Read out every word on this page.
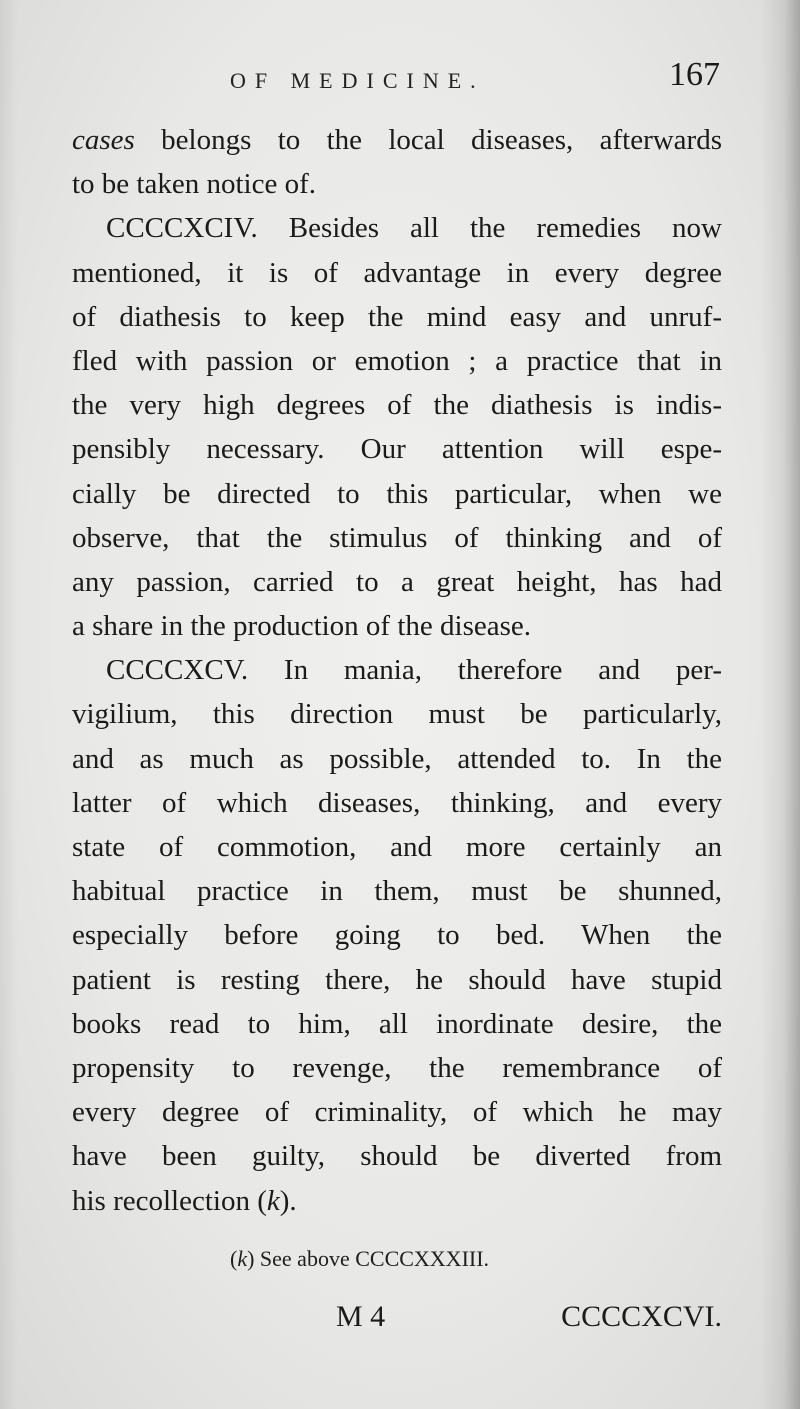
OF MEDICINE.	167
cases belongs to the local diseases, afterwards
to be taken notice of.
CCCCXCIV. Besides all the remedies now
mentioned, it is of advantage in every degree
of diathesis to keep the mind easy and unruf-
fled with passion or emotion ; a practice that in
the very high degrees of the diathesis is indis-
pensibly necessary. Our attention will espe-
cially be directed to this particular, when we
observe, that the stimulus of thinking and of
any passion, carried to a great height, has had
a share in the production of the disease.
CCCCXCV. In mania, therefore and per-
vigilium, this direction must be particularly,
and as much as possible, attended to. In the
latter of which diseases, thinking, and every
state of commotion, and more certainly an
habitual practice in them, must be shunned,
especially before going to bed. When the
patient is resting there, he should have stupid
books read to him, all inordinate desire, the
propensity to revenge, the remembrance of
every degree of criminality, of which he may
have been guilty, should be diverted from
his recollection (k).
(k) See above CCCCXXXIII.
M 4	CCCCXCVI.
